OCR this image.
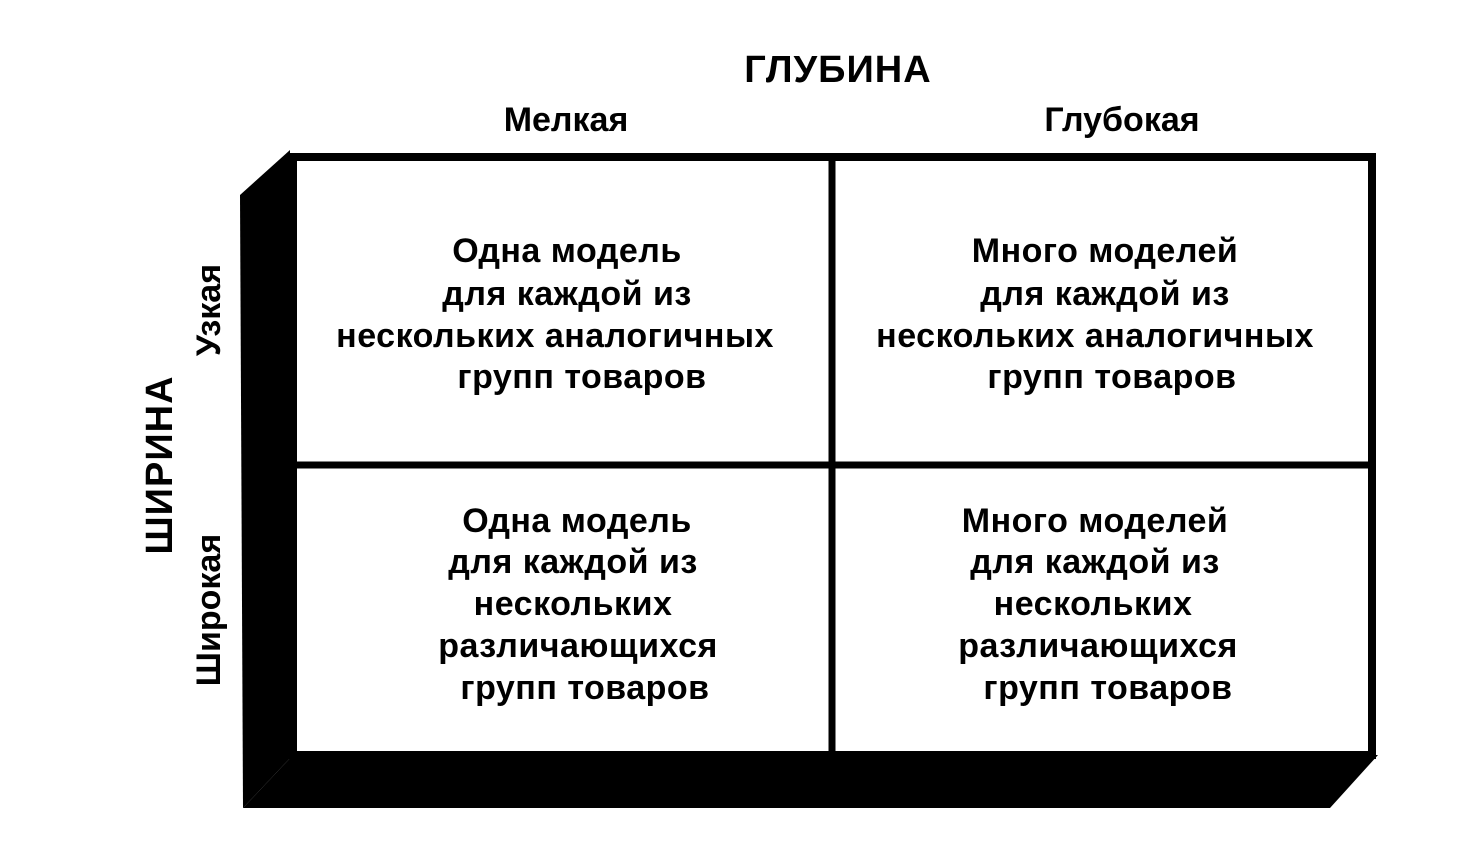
ГЛУБИНА
ШИРИНА
Мелкая	Глубокая
Узкая
Широкая
Одна модель для каждой из нескольких аналогичных групп товаров
Много моделей для каждой из нескольких аналогичных групп товаров
Одна модель для каждой из нескольких различающихся групп товаров
Много моделей для каждой из нескольких различающихся групп товаров
